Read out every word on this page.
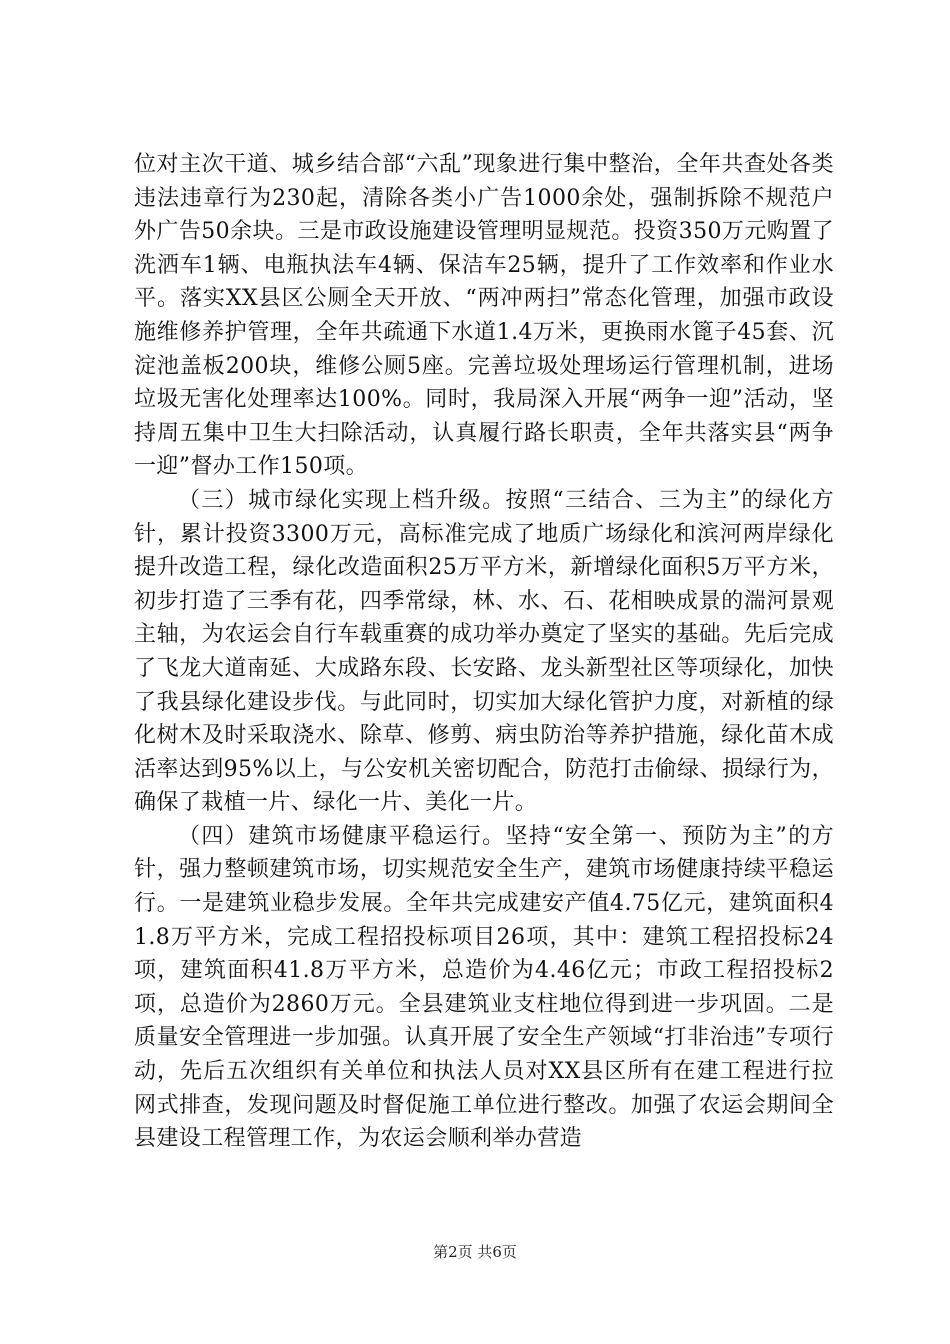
位对主次干道、城乡结合部“六乱”现象进行集中整治，全年共查处各类违法违章行为230起，清除各类小广告1000余处，强制拆除不规范户外广告50余块。三是市政设施建设管理明显规范。投资350万元购置了洗洒车1辆、电瓶执法车4辆、保洁车25辆，提升了工作效率和作业水平。落实XX县区公厕全天开放、“两冲两扫”常态化管理，加强市政设施维修养护管理，全年共疏通下水道1.4万米，更换雨水篦子45套、沉淀池盖板200块，维修公厕5座。完善垃圾处理场运行管理机制，进场垃圾无害化处理率达100%。同时，我局深入开展“两争一迎”活动，坚持周五集中卫生大扫除活动，认真履行路长职责，全年共落实县“两争一迎”督办工作150项。

（三）城市绿化实现上档升级。按照“三结合、三为主”的绿化方针，累计投资3300万元，高标准完成了地质广场绿化和滨河两岸绿化提升改造工程，绿化改造面积25万平方米，新增绿化面积5万平方米，初步打造了三季有花，四季常绿，林、水、石、花相映成景的湍河景观主轴，为农运会自行车载重赛的成功举办奠定了坚实的基础。先后完成了飞龙大道南延、大成路东段、长安路、龙头新型社区等项绿化，加快了我县绿化建设步伐。与此同时，切实加大绿化管护力度，对新植的绿化树木及时采取浇水、除草、修剪、病虫防治等养护措施，绿化苗木成活率达到95%以上，与公安机关密切配合，防范打击偷绿、损绿行为，确保了栽植一片、绿化一片、美化一片。

（四）建筑市场健康平稳运行。坚持“安全第一、预防为主”的方针，强力整顿建筑市场，切实规范安全生产，建筑市场健康持续平稳运行。一是建筑业稳步发展。全年共完成建安产值4.75亿元，建筑面积41.8万平方米，完成工程招投标项目26项，其中：建筑工程招投标24项，建筑面积41.8万平方米，总造价为4.46亿元；市政工程招投标2项，总造价为2860万元。全县建筑业支柱地位得到进一步巩固。二是质量安全管理进一步加强。认真开展了安全生产领域“打非治违”专项行动，先后五次组织有关单位和执法人员对XX县区所有在建工程进行拉网式排查，发现问题及时督促施工单位进行整改。加强了农运会期间全县建设工程管理工作，为农运会顺利举办营造

第2页 共6页
